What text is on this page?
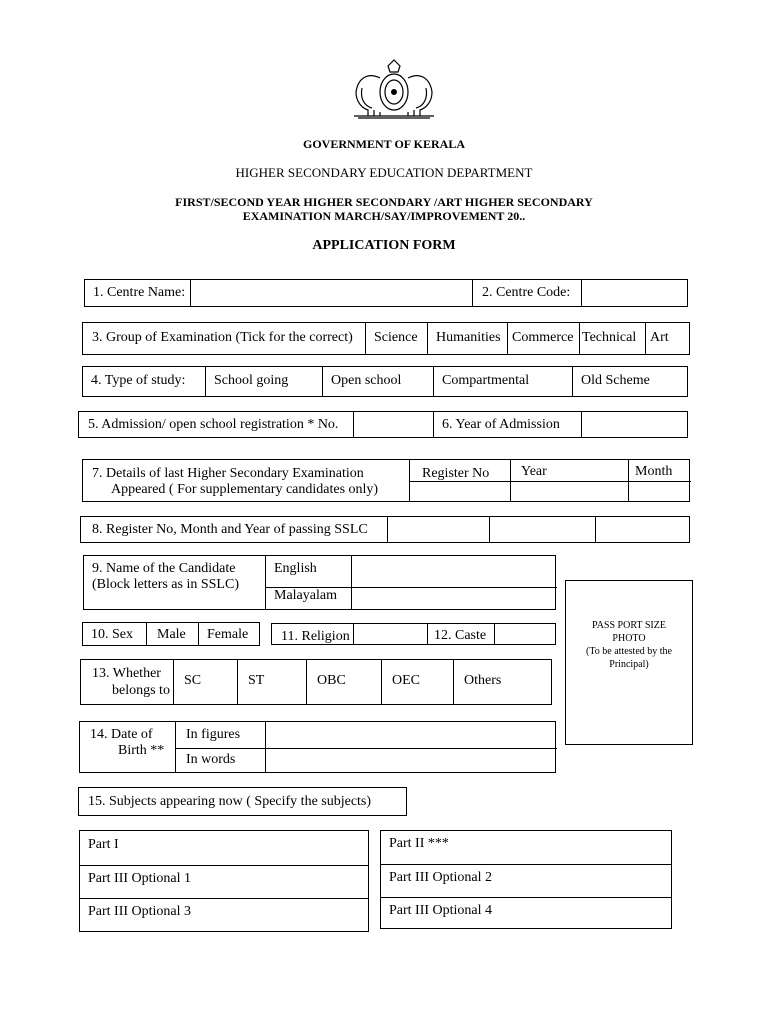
GOVERNMENT OF KERALA
HIGHER SECONDARY EDUCATION DEPARTMENT
FIRST/SECOND YEAR HIGHER SECONDARY /ART HIGHER SECONDARY
EXAMINATION MARCH/SAY/IMPROVEMENT 20..
APPLICATION FORM
1. Centre Name:	2. Centre Code:
3. Group of Examination (Tick for the correct) Science Humanities Commerce Technical Art
4. Type of study: School going	Open school	Compartmental	Old Scheme
5. Admission/ open school registration * No.	6. Year of Admission
7. Details of last Higher Secondary Examination
Appeared ( For supplementary candidates only)
Register No Year	Month
8. Register No, Month and Year of passing SSLC
9. Name of the Candidate
(Block letters as in SSLC)
English
Malayalam
10. Sex Male Female 11. Religion	12. Caste
PASS PORT SIZE
PHOTO
(To be attested by the
Principal)
13. Whether
belongs to
SC	ST	OBC	OEC	Others
14. Date of
Birth **
In figures
In words
15. Subjects appearing now ( Specify the subjects)
Part I
Part III Optional 1
Part III Optional 3
Part II ***
Part III Optional 2
Part III Optional 4
